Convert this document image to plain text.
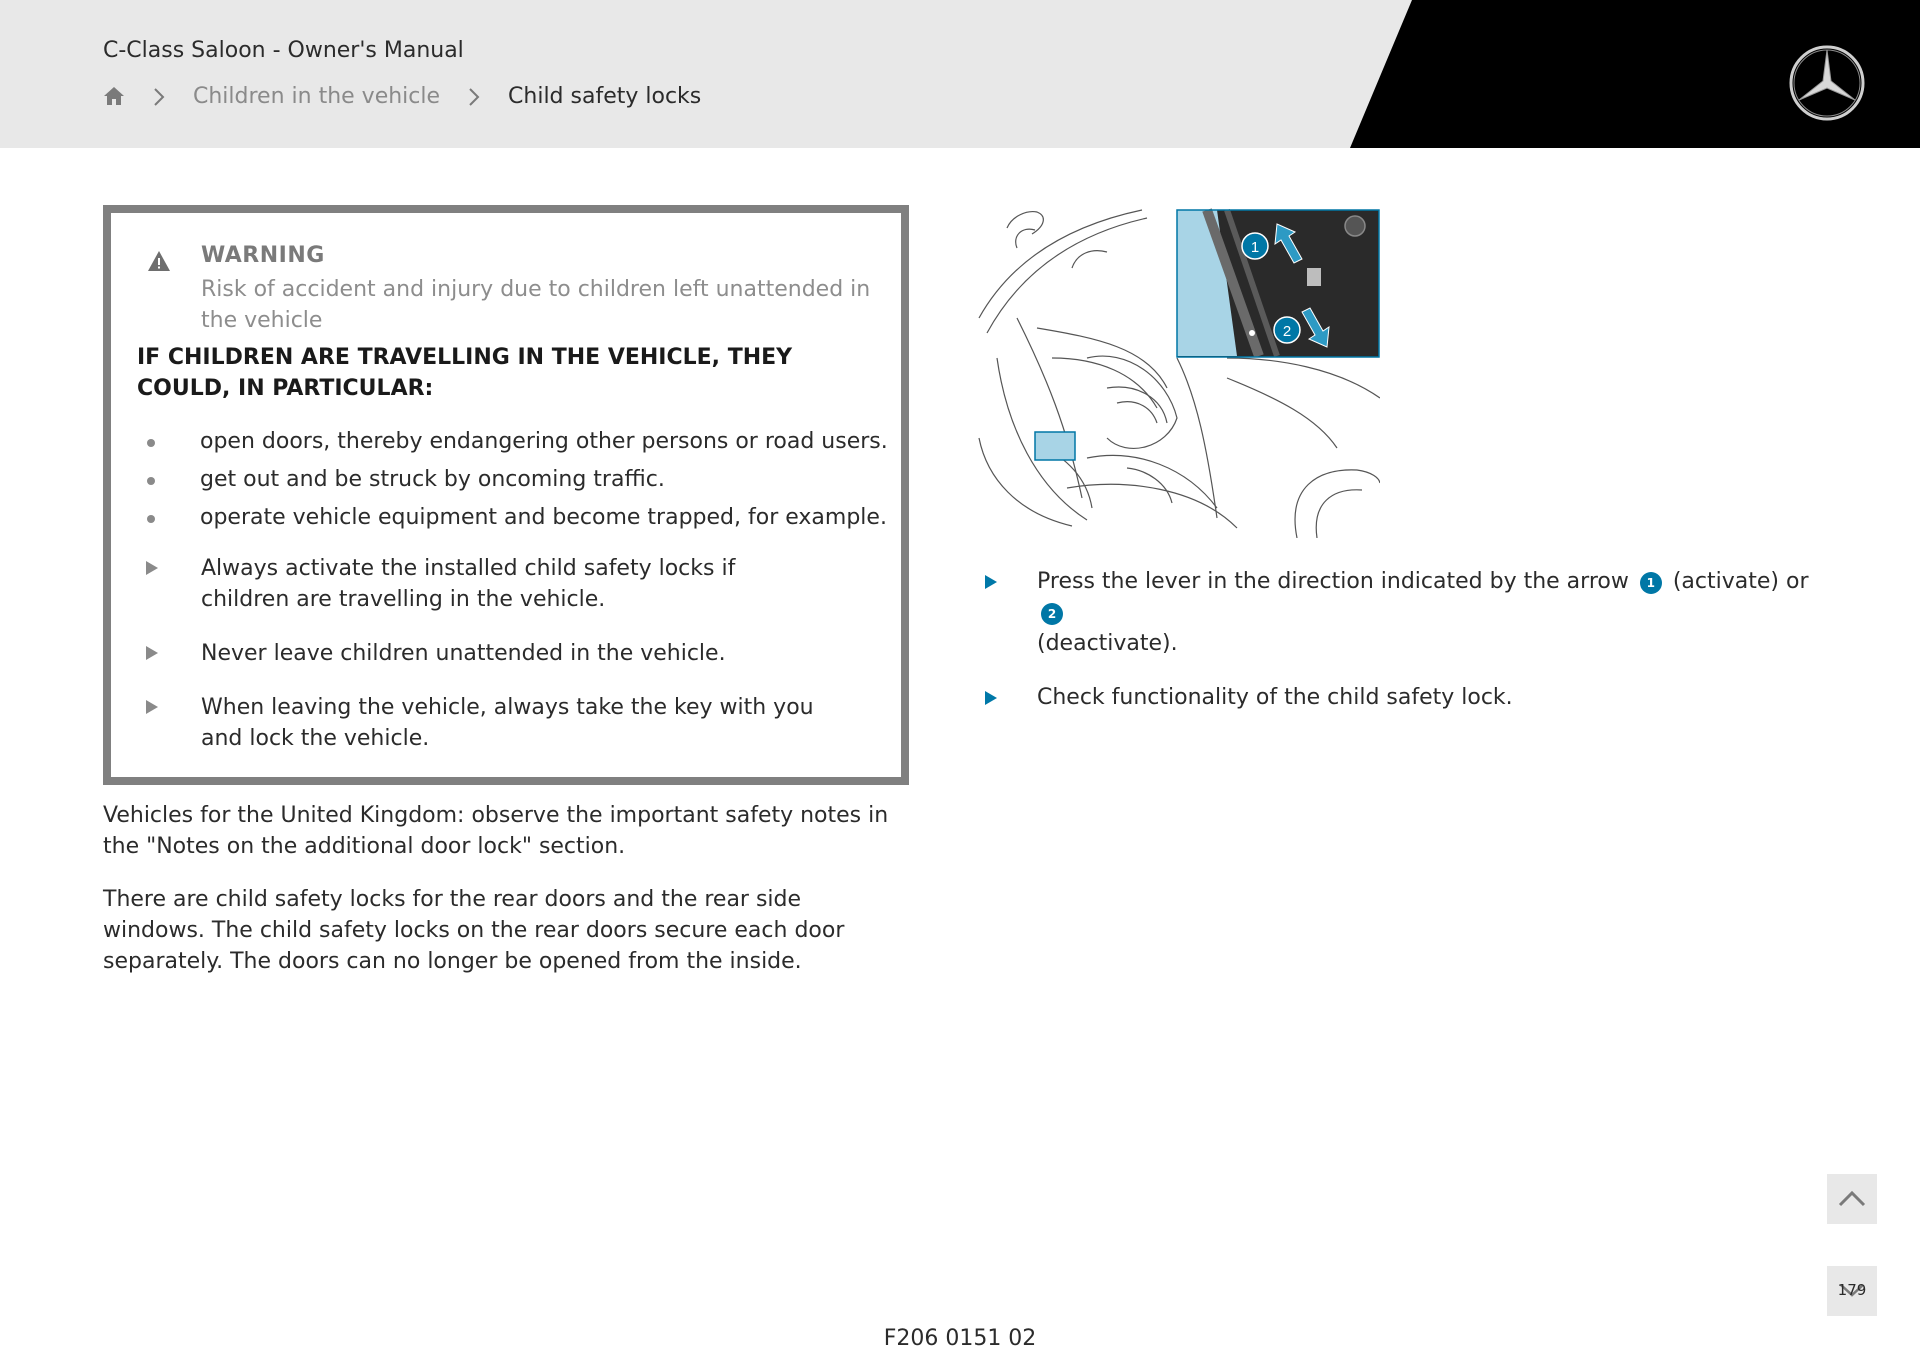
C-Class Saloon - Owner's Manual
Children in the vehicle	Child safety locks
WARNING
Risk of accident and injury due to children left unattended in the vehicle
IF CHILDREN ARE TRAVELLING IN THE VEHICLE, THEY COULD, IN PARTICULAR:
open doors, thereby endangering other persons or road users.
get out and be struck by oncoming traffic.
operate vehicle equipment and become trapped, for example.
Always activate the installed child safety locks if children are travelling in the vehicle.
Never leave children unattended in the vehicle.
When leaving the vehicle, always take the key with you and lock the vehicle.
Vehicles for the United Kingdom: observe the important safety notes in the "Notes on the additional door lock" section.
There are child safety locks for the rear doors and the rear side windows. The child safety locks on the rear doors secure each door separately. The doors can no longer be opened from the inside.
1
2
Press the lever in the direction indicated by the arrow 1 (activate) or 2
(deactivate).
Check functionality of the child safety lock.
179
F206 0151 02
